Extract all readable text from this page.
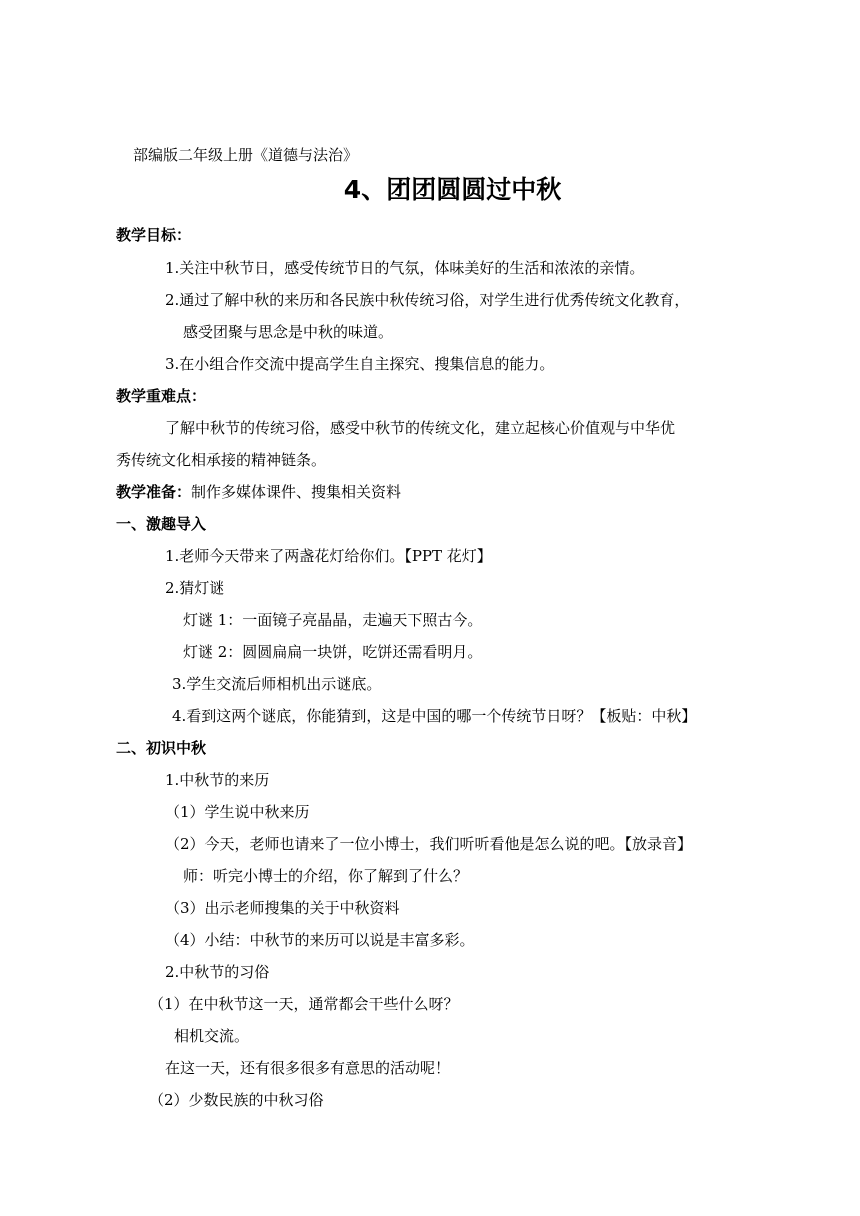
部编版二年级上册《道德与法治》
4、团团圆圆过中秋
教学目标：
1.关注中秋节日，感受传统节日的气氛，体味美好的生活和浓浓的亲情。
2.通过了解中秋的来历和各民族中秋传统习俗，对学生进行优秀传统文化教育，
感受团聚与思念是中秋的味道。
3.在小组合作交流中提高学生自主探究、搜集信息的能力。
教学重难点：
了解中秋节的传统习俗，感受中秋节的传统文化，建立起核心价值观与中华优
秀传统文化相承接的精神链条。
教学准备：制作多媒体课件、搜集相关资料
一、激趣导入
1.老师今天带来了两盏花灯给你们。【PPT 花灯】
2.猜灯谜
灯谜 1：一面镜子亮晶晶，走遍天下照古今。
灯谜 2：圆圆扁扁一块饼，吃饼还需看明月。
3.学生交流后师相机出示谜底。
4.看到这两个谜底，你能猜到，这是中国的哪一个传统节日呀？【板贴：中秋】
二、初识中秋
1.中秋节的来历
（1）学生说中秋来历
（2）今天，老师也请来了一位小博士，我们听听看他是怎么说的吧。【放录音】
师：听完小博士的介绍，你了解到了什么？
（3）出示老师搜集的关于中秋资料
（4）小结：中秋节的来历可以说是丰富多彩。
2.中秋节的习俗
（1）在中秋节这一天，通常都会干些什么呀？
相机交流。
在这一天，还有很多很多有意思的活动呢！
（2）少数民族的中秋习俗
